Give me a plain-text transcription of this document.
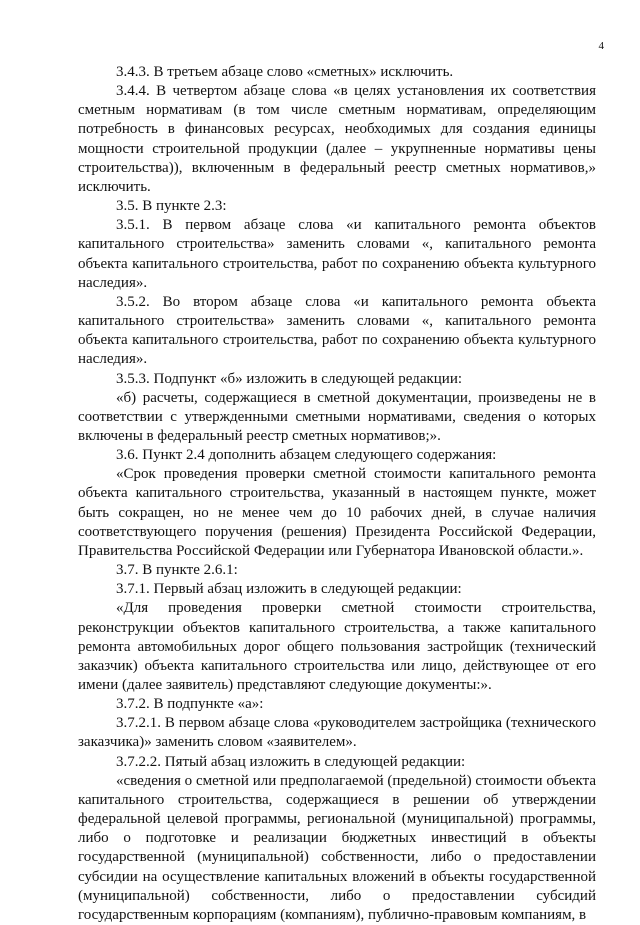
4

3.4.3. В третьем абзаце слово «сметных» исключить.

3.4.4. В четвертом абзаце слова «в целях установления их соответствия сметным нормативам (в том числе сметным нормативам, определяющим потребность в финансовых ресурсах, необходимых для создания единицы мощности строительной продукции (далее – укрупненные нормативы цены строительства)), включенным в федеральный реестр сметных нормативов,» исключить.

3.5. В пункте 2.3:

3.5.1. В первом абзаце слова «и капитального ремонта объектов капитального строительства» заменить словами «, капитального ремонта объекта капитального строительства, работ по сохранению объекта культурного наследия».

3.5.2. Во втором абзаце слова «и капитального ремонта объекта капитального строительства» заменить словами «, капитального ремонта объекта капитального строительства, работ по сохранению объекта культурного наследия».

3.5.3. Подпункт «б» изложить в следующей редакции:

«б) расчеты, содержащиеся в сметной документации, произведены не в соответствии с утвержденными сметными нормативами, сведения о которых включены в федеральный реестр сметных нормативов;».

3.6. Пункт 2.4 дополнить абзацем следующего содержания:

«Срок проведения проверки сметной стоимости капитального ремонта объекта капитального строительства, указанный в настоящем пункте, может быть сокращен, но не менее чем до 10 рабочих дней, в случае наличия соответствующего поручения (решения) Президента Российской Федерации, Правительства Российской Федерации или Губернатора Ивановской области.».

3.7. В пункте 2.6.1:

3.7.1. Первый абзац изложить в следующей редакции:

«Для проведения проверки сметной стоимости строительства, реконструкции объектов капитального строительства, а также капитального ремонта автомобильных дорог общего пользования застройщик (технический заказчик) объекта капитального строительства или лицо, действующее от его имени (далее заявитель) представляют следующие документы:».

3.7.2. В подпункте «а»:

3.7.2.1. В первом абзаце слова «руководителем застройщика (технического заказчика)» заменить словом «заявителем».

3.7.2.2. Пятый абзац изложить в следующей редакции:

«сведения о сметной или предполагаемой (предельной) стоимости объекта капитального строительства, содержащиеся в решении об утверждении федеральной целевой программы, региональной (муниципальной) программы, либо о подготовке и реализации бюджетных инвестиций в объекты государственной (муниципальной) собственности, либо о предоставлении субсидии на осуществление капитальных вложений в объекты государственной (муниципальной) собственности, либо о предоставлении субсидий государственным корпорациям (компаниям), публично-правовым компаниям, в
